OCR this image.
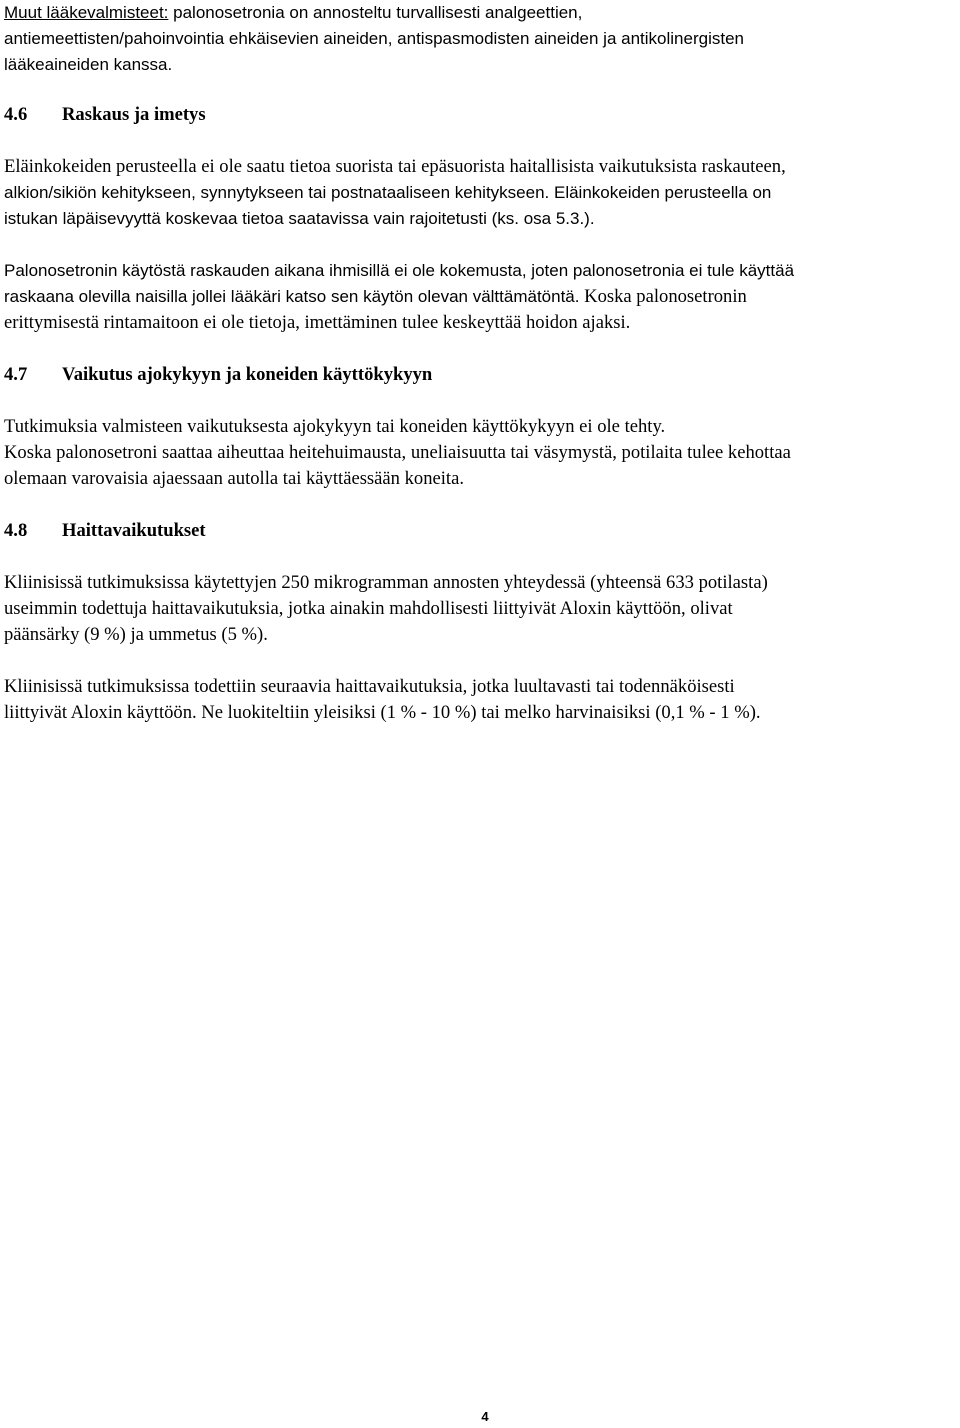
Muut lääkevalmisteet: palonosetronia on annosteltu turvallisesti analgeettien,

antiemeettisten/pahoinvointia ehkäisevien aineiden, antispasmodisten aineiden ja antikolinergisten

lääkeaineiden kanssa.

4.6	Raskaus ja imetys

Eläinkokeiden perusteella ei ole saatu tietoa suorista tai epäsuorista haitallisista vaikutuksista raskauteen,

alkion/sikiön kehitykseen, synnytykseen tai postnataaliseen kehitykseen. Eläinkokeiden perusteella on

istukan läpäisevyyttä koskevaa tietoa saatavissa vain rajoitetusti (ks. osa 5.3.).

Palonosetronin käytöstä raskauden aikana ihmisillä ei ole kokemusta, joten palonosetronia ei tule käyttää

raskaana olevilla naisilla jollei lääkäri katso sen käytön olevan välttämätöntä. Koska palonosetronin

erittymisestä rintamaitoon ei ole tietoja, imettäminen tulee keskeyttää hoidon ajaksi.

4.7	Vaikutus ajokykyyn ja koneiden käyttökykyyn

Tutkimuksia valmisteen vaikutuksesta ajokykyyn tai koneiden käyttökykyyn ei ole tehty.

Koska palonosetroni saattaa aiheuttaa heitehuimausta, uneliaisuutta tai väsymystä, potilaita tulee kehottaa

olemaan varovaisia ajaessaan autolla tai käyttäessään koneita.

4.8	Haittavaikutukset

Kliinisissä tutkimuksissa käytettyjen 250 mikrogramman annosten yhteydessä (yhteensä 633 potilasta)

useimmin todettuja haittavaikutuksia, jotka ainakin mahdollisesti liittyivät Aloxin käyttöön, olivat

päänsärky (9 %) ja ummetus (5 %).

Kliinisissä tutkimuksissa todettiin seuraavia haittavaikutuksia, jotka luultavasti tai todennäköisesti

liittyivät Aloxin käyttöön. Ne luokiteltiin yleisiksi (1 % - 10 %) tai melko harvinaisiksi (0,1 % - 1 %).

4
